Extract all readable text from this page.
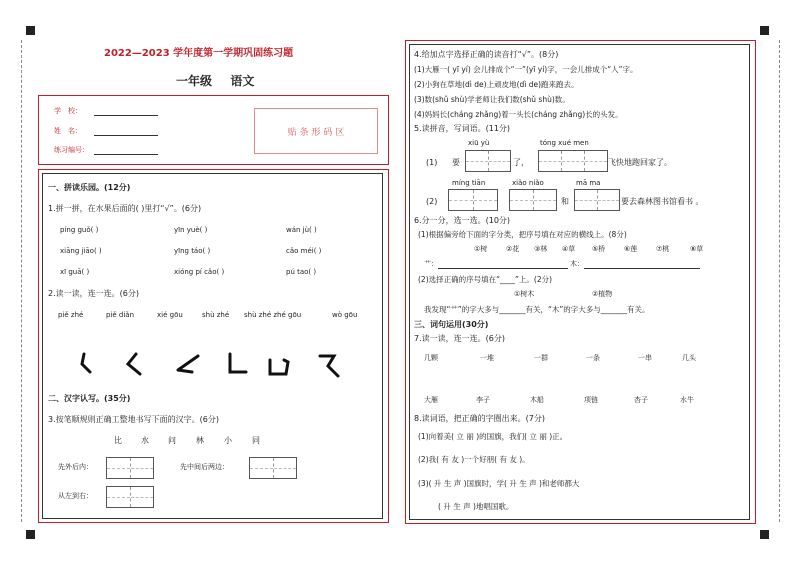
2022—2023 学年度第一学期巩固练习题
一年级 语文
学　校：
姓　名：
练习编号：
贴 条 形 码 区
一、拼读乐园。(12分)
1.拼一拼，在水果后面的( )里打“√”。(6分)
píng guǒ( )	yīn yuè( )	wán jù( )
xiāng jiāo( )	yīng táo( )	cǎo méi( )
xī guā( )	xióng pí cǎo( )	pú tao( )
2.读一读，连一连。(6分)
piě zhé	piě diǎn	xié gōu	shù zhé shù zhé zhé gōu	wò gōu
二、汉字认写。(35分)
3.按笔顺规则正确工整地书写下面的汉字。(6分)
比 水 问	林	小	同
先外后内：	先中间后两边：
从左到右：
4.给加点字选择正确的读音打“√”。(8分)
(1)大雁一( yī yí) 会儿排成个“一”(yī yí)字，一会儿排成个“人”字。
(2)小狗在草地(dì de)上顽皮地(dì de)跑来跑去。
(3)数(shǔ shù)学老师让我们数(shǔ shù)数。
(4)妈妈长(cháng zhǎng)着一头长(cháng zhǎng)长的头发。
5.读拼音，写词语。(11分)
xiū yù	tóng xué men
(1) 要	了，	飞快地跑回家了。
míng tiān	xiǎo niǎo	mā ma
(2)	和	要去森林图书馆看书 。
6.分一分，选一选。(10分)
(1)根据偏旁给下面的字分类，把序号填在对应的横线上。(8分)
①树	②花 ③林 ④草 ⑤桥	⑥莲	⑦桃	⑧草
艹：	木：
(2)选择正确的序号填在“____”上。(2分)
①树木	②植物
我发现“艹”的字大多与_______有关，“木”的字大多与_______有关。
三、词句运用(30分)
7.读一读，连一连。(6分)
几颗	一堆	一群	一条	一串	几头
大雁	李子	木船	项链	杏子	水牛
8.读词语，把正确的字圈出来。(7分)
(1)向着美( 立 丽 )的国旗，我们( 立 丽 )正。
(2)我( 有 友 )一个好朋( 有 友 )。
(3)( 升 生 声 )国旗时，学( 升 生 声 )和老师都大
( 升 生 声 )地唱国歌。
